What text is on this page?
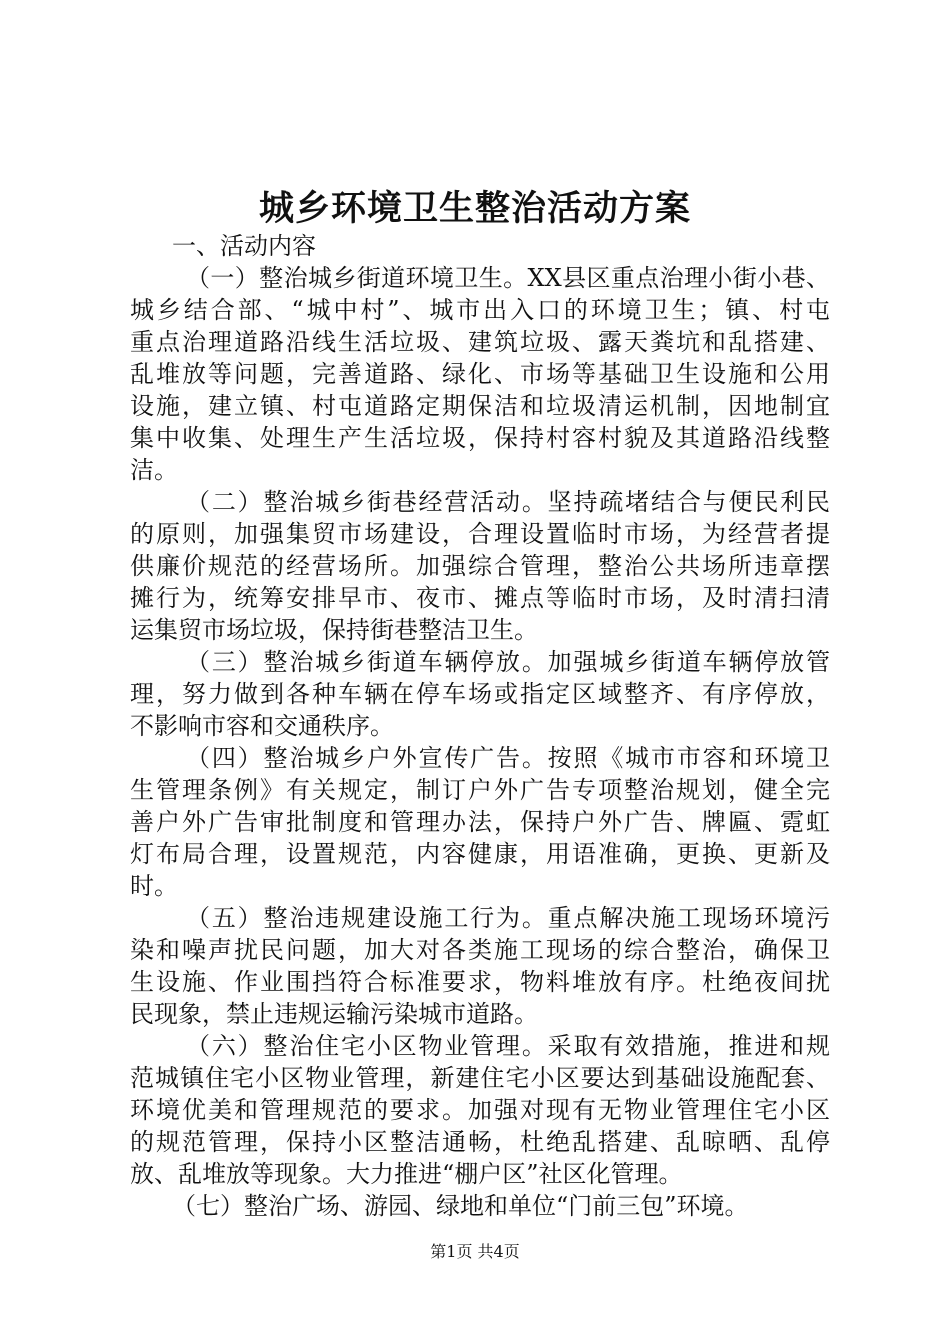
城乡环境卫生整治活动方案
一、活动内容
（一）整治城乡街道环境卫生。XX县区重点治理小街小巷、
城乡结合部、“城中村”、城市出入口的环境卫生；镇、村屯
重点治理道路沿线生活垃圾、建筑垃圾、露天粪坑和乱搭建、
乱堆放等问题，完善道路、绿化、市场等基础卫生设施和公用
设施，建立镇、村屯道路定期保洁和垃圾清运机制，因地制宜
集中收集、处理生产生活垃圾，保持村容村貌及其道路沿线整
洁。
（二）整治城乡街巷经营活动。坚持疏堵结合与便民利民
的原则，加强集贸市场建设，合理设置临时市场，为经营者提
供廉价规范的经营场所。加强综合管理，整治公共场所违章摆
摊行为，统筹安排早市、夜市、摊点等临时市场，及时清扫清
运集贸市场垃圾，保持街巷整洁卫生。
（三）整治城乡街道车辆停放。加强城乡街道车辆停放管
理，努力做到各种车辆在停车场或指定区域整齐、有序停放，
不影响市容和交通秩序。
（四）整治城乡户外宣传广告。按照《城市市容和环境卫
生管理条例》有关规定，制订户外广告专项整治规划，健全完
善户外广告审批制度和管理办法，保持户外广告、牌匾、霓虹
灯布局合理，设置规范，内容健康，用语准确，更换、更新及
时。
（五）整治违规建设施工行为。重点解决施工现场环境污
染和噪声扰民问题，加大对各类施工现场的综合整治，确保卫
生设施、作业围挡符合标准要求，物料堆放有序。杜绝夜间扰
民现象，禁止违规运输污染城市道路。
（六）整治住宅小区物业管理。采取有效措施，推进和规
范城镇住宅小区物业管理，新建住宅小区要达到基础设施配套、
环境优美和管理规范的要求。加强对现有无物业管理住宅小区
的规范管理，保持小区整洁通畅，杜绝乱搭建、乱晾晒、乱停
放、乱堆放等现象。大力推进“棚户区”社区化管理。
（七）整治广场、游园、绿地和单位“门前三包”环境。
第1页 共4页
